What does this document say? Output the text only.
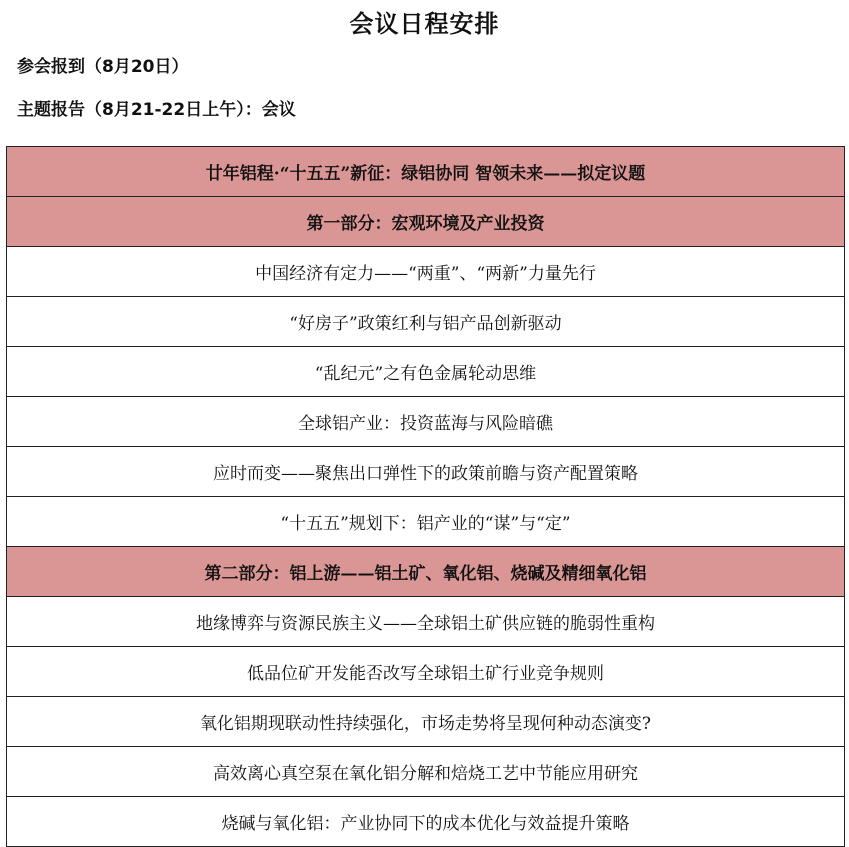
会议日程安排
参会报到（8月20日）
主题报告（8月21-22日上午）：会议
廿年铝程·“十五五”新征：绿铝协同 智领未来——拟定议题
第一部分：宏观环境及产业投资
中国经济有定力——“两重”、“两新”力量先行
“好房子”政策红利与铝产品创新驱动
“乱纪元”之有色金属轮动思维
全球铝产业：投资蓝海与风险暗礁
应时而变——聚焦出口弹性下的政策前瞻与资产配置策略
“十五五”规划下：铝产业的“谋”与“定”
第二部分：铝上游——铝土矿、氧化铝、烧碱及精细氧化铝
地缘博弈与资源民族主义——全球铝土矿供应链的脆弱性重构
低品位矿开发能否改写全球铝土矿行业竞争规则
氧化铝期现联动性持续强化，市场走势将呈现何种动态演变?
高效离心真空泵在氧化铝分解和焙烧工艺中节能应用研究
烧碱与氧化铝：产业协同下的成本优化与效益提升策略
